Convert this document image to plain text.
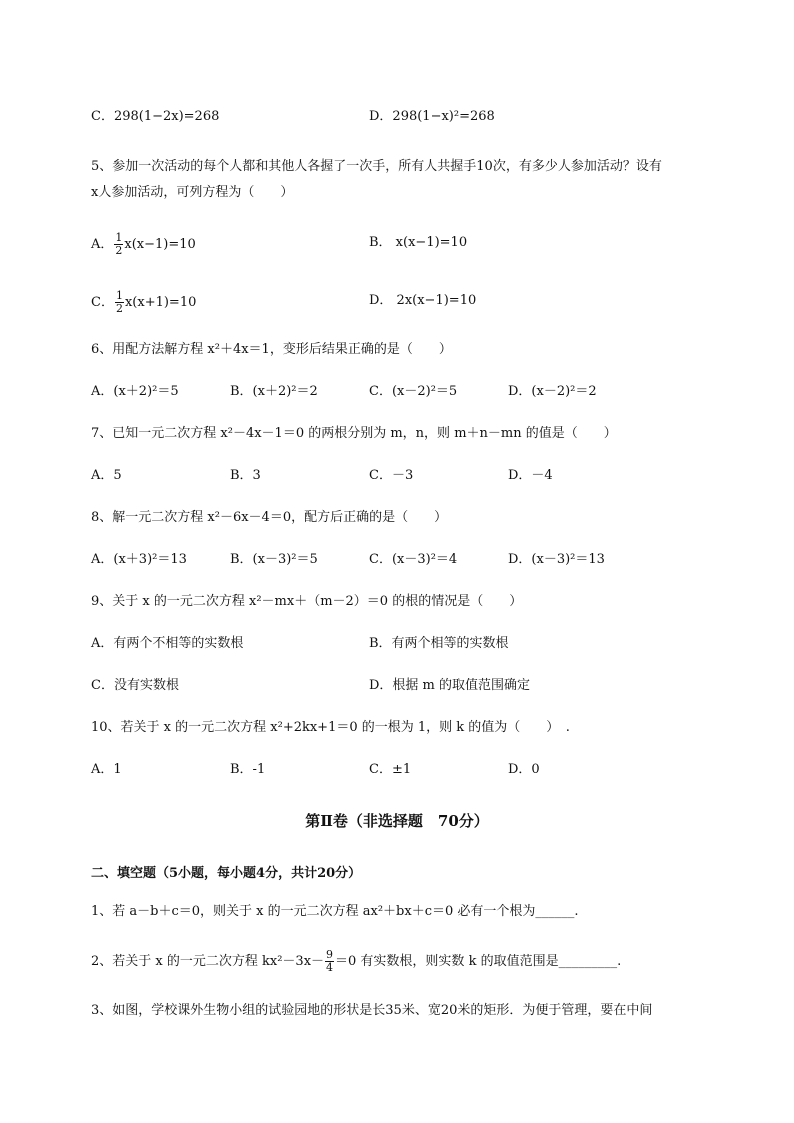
C．298(1−2x)=268	D．298(1−x)²=268
5、参加一次活动的每个人都和其他人各握了一次手，所有人共握手10次，有多少人参加活动？设有
x人参加活动，可列方程为（　　）
A． $\frac{1}{2} x(x-1)=10$	B． x(x−1)=10
C． $\frac{1}{2} x(x+1)=10$	D． 2x(x−1)=10
6、用配方法解方程 x²＋4x＝1，变形后结果正确的是（　　）
A．(x＋2)²＝5	B．(x＋2)²＝2	C．(x－2)²＝5	D．(x－2)²＝2
7、已知一元二次方程 x²－4x－1＝0 的两根分别为 m，n，则 m＋n－mn 的值是（　　）
A．5	B．3	C．－3	D．－4
8、解一元二次方程 x²－6x－4＝0，配方后正确的是（　　）
A．(x＋3)²＝13	B．(x－3)²＝5	C．(x－3)²＝4	D．(x－3)²＝13
9、关于 x 的一元二次方程 x²－mx＋（m－2）＝0 的根的情况是（　　）
A．有两个不相等的实数根	B．有两个相等的实数根
C．没有实数根	D．根据 m 的取值范围确定
10、若关于 x 的一元二次方程 x²+2kx+1＝0 的一根为 1，则 k 的值为（　　）　.
A．1	B．-1	C．±1	D．0
第Ⅱ卷（非选择题　70分）
二、填空题（5小题，每小题4分，共计20分）
1、若 a－b＋c＝0，则关于 x 的一元二次方程 ax²＋bx＋c＝0 必有一个根为______.
2、若关于 x 的一元二次方程 $kx^2-3x- \frac{9}{4} =0$ 有实数根，则实数 k 的取值范围是_________.
3、如图，学校课外生物小组的试验园地的形状是长35米、宽20米的矩形．为便于管理，要在中间
